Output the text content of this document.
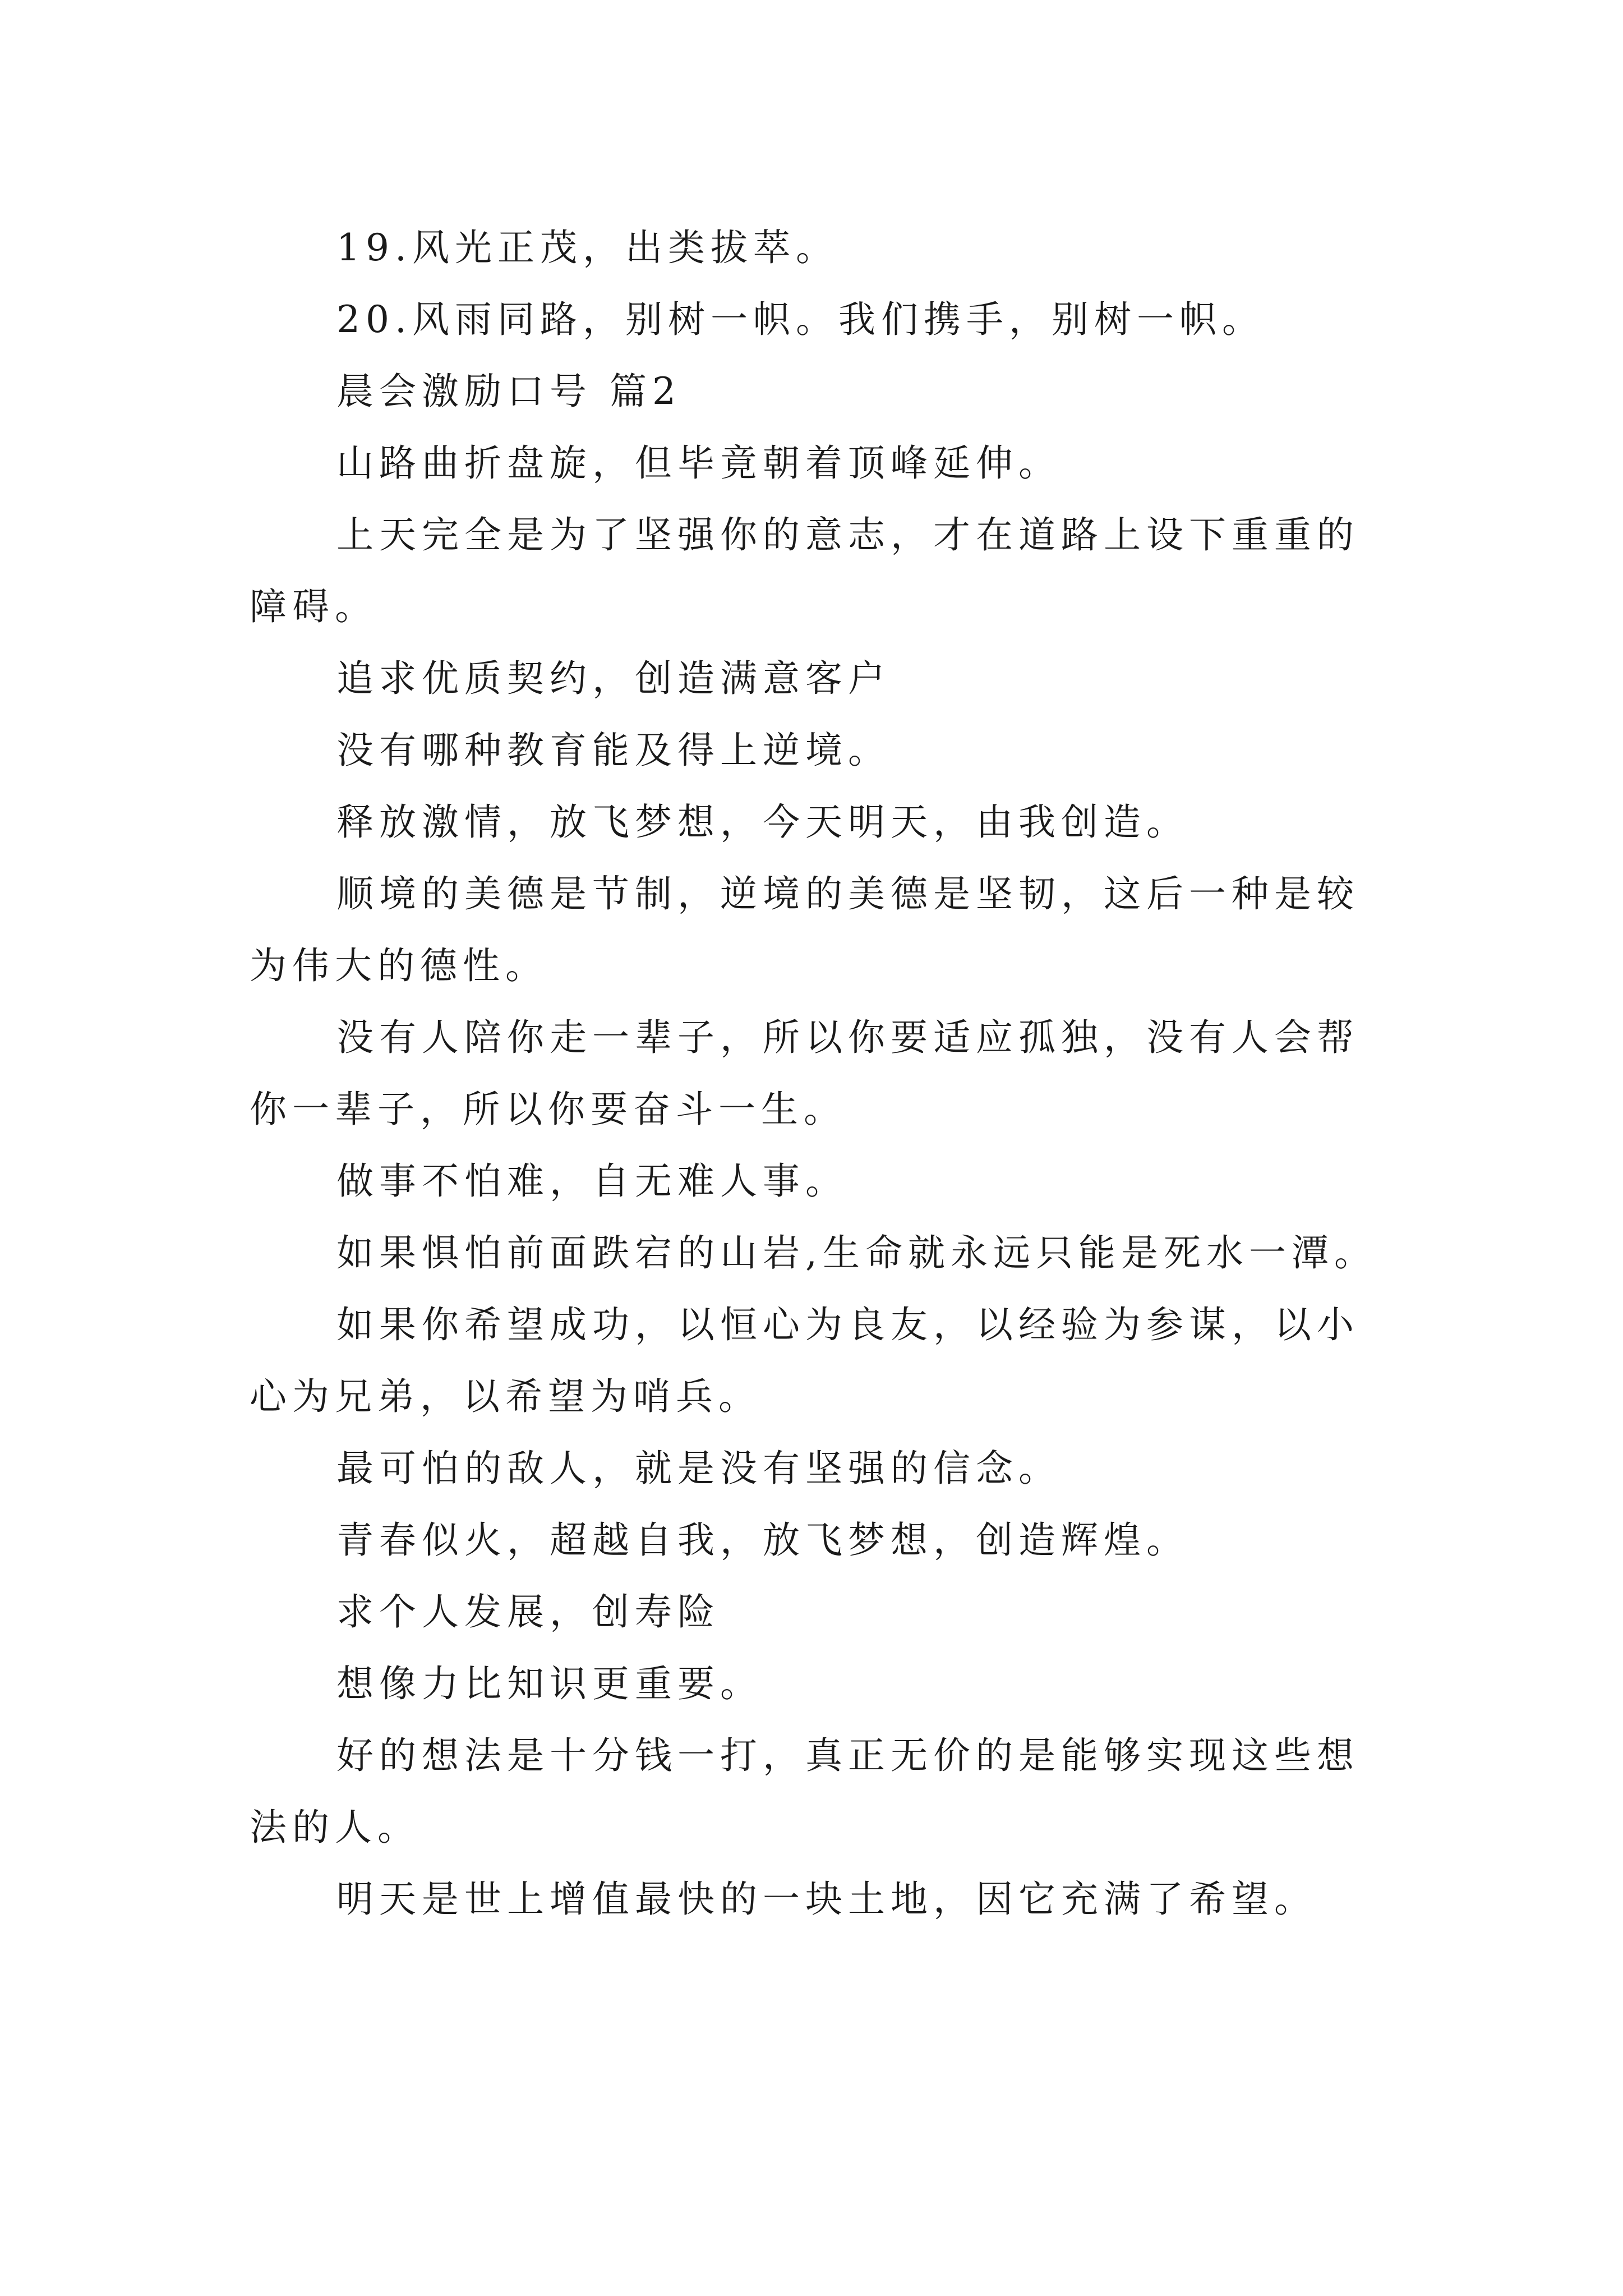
19.风光正茂，出类拔萃。

20.风雨同路，别树一帜。我们携手，别树一帜。

晨会激励口号 篇2

山路曲折盘旋，但毕竟朝着顶峰延伸。

上天完全是为了坚强你的意志，才在道路上设下重重的障碍。

追求优质契约，创造满意客户

没有哪种教育能及得上逆境。

释放激情，放飞梦想，今天明天，由我创造。

顺境的美德是节制，逆境的美德是坚韧，这后一种是较为伟大的德性。

没有人陪你走一辈子，所以你要适应孤独，没有人会帮你一辈子，所以你要奋斗一生。

做事不怕难，自无难人事。

如果惧怕前面跌宕的山岩,生命就永远只能是死水一潭。

如果你希望成功，以恒心为良友，以经验为参谋，以小心为兄弟，以希望为哨兵。

最可怕的敌人，就是没有坚强的信念。

青春似火，超越自我，放飞梦想，创造辉煌。

求个人发展，创寿险

想像力比知识更重要。

好的想法是十分钱一打，真正无价的是能够实现这些想法的人。

明天是世上增值最快的一块土地，因它充满了希望。
